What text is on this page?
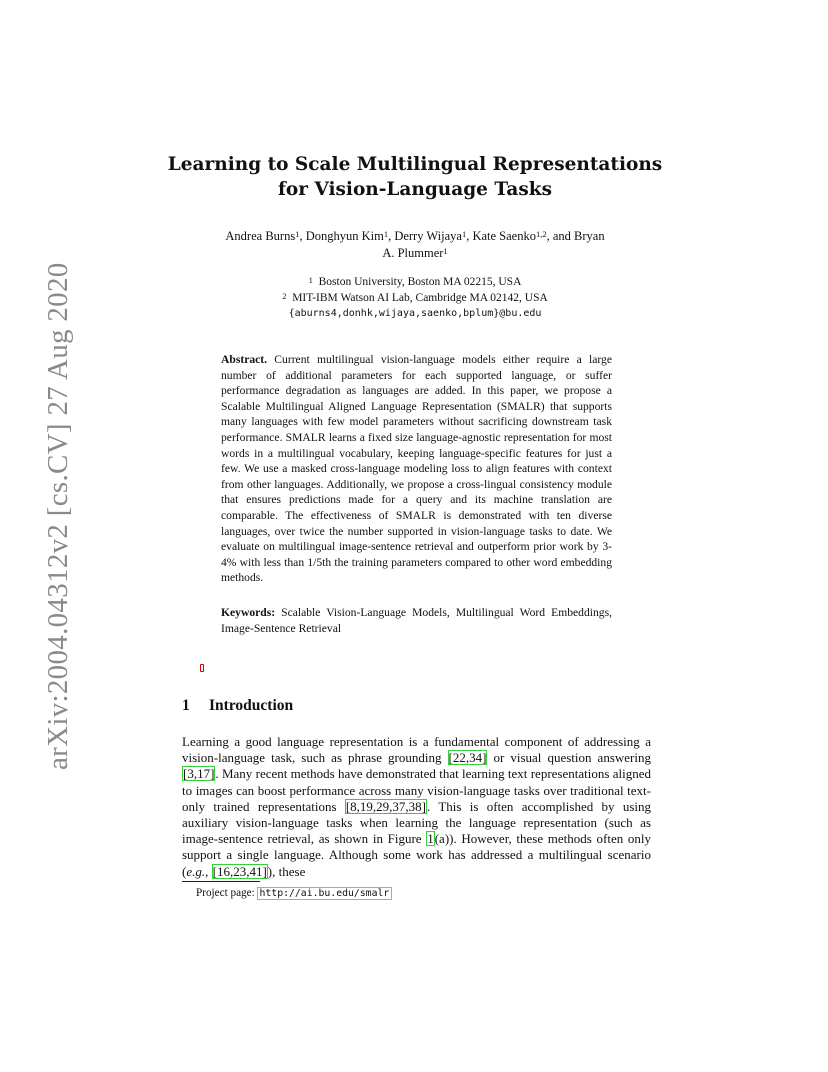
arXiv:2004.04312v2 [cs.CV] 27 Aug 2020
Learning to Scale Multilingual Representations
for Vision-Language Tasks
Andrea Burns$^1$, Donghyun Kim$^1$, Derry Wijaya$^1$, Kate Saenko$^{1,2}$, and Bryan
A. Plummer$^1$
$^1$ Boston University, Boston MA 02215, USA
$^2$ MIT-IBM Watson AI Lab, Cambridge MA 02142, USA
{aburns4,donhk,wijaya,saenko,bplum}@bu.edu
Abstract. Current multilingual vision-language models either require a large number of additional parameters for each supported language, or suffer performance degradation as languages are added. In this paper, we propose a Scalable Multilingual Aligned Language Representation (SMALR) that supports many languages with few model parameters without sacrificing downstream task performance. SMALR learns a fixed size language-agnostic representation for most words in a multilingual vocabulary, keeping language-specific features for just a few. We use a masked cross-language modeling loss to align features with context from other languages. Additionally, we propose a cross-lingual consistency module that ensures predictions made for a query and its machine translation are comparable. The effectiveness of SMALR is demonstrated with ten diverse languages, over twice the number supported in vision-language tasks to date. We evaluate on multilingual image-sentence retrieval and outperform prior work by 3-4% with less than 1/5th the training parameters compared to other word embedding methods.
Keywords: Scalable Vision-Language Models, Multilingual Word Embeddings, Image-Sentence Retrieval
1 Introduction
Learning a good language representation is a fundamental component of addressing a vision-language task, such as phrase grounding [22,34] or visual question answering [3,17]. Many recent methods have demonstrated that learning text representations aligned to images can boost performance across many vision-language tasks over traditional text-only trained representations [8,19,29,37,38]. This is often accomplished by using auxiliary vision-language tasks when learning the language representation (such as image-sentence retrieval, as shown in Figure 1(a)). However, these methods often only support a single language. Although some work has addressed a multilingual scenario (e.g., [16,23,41]), these
Project page: http://ai.bu.edu/smalr
